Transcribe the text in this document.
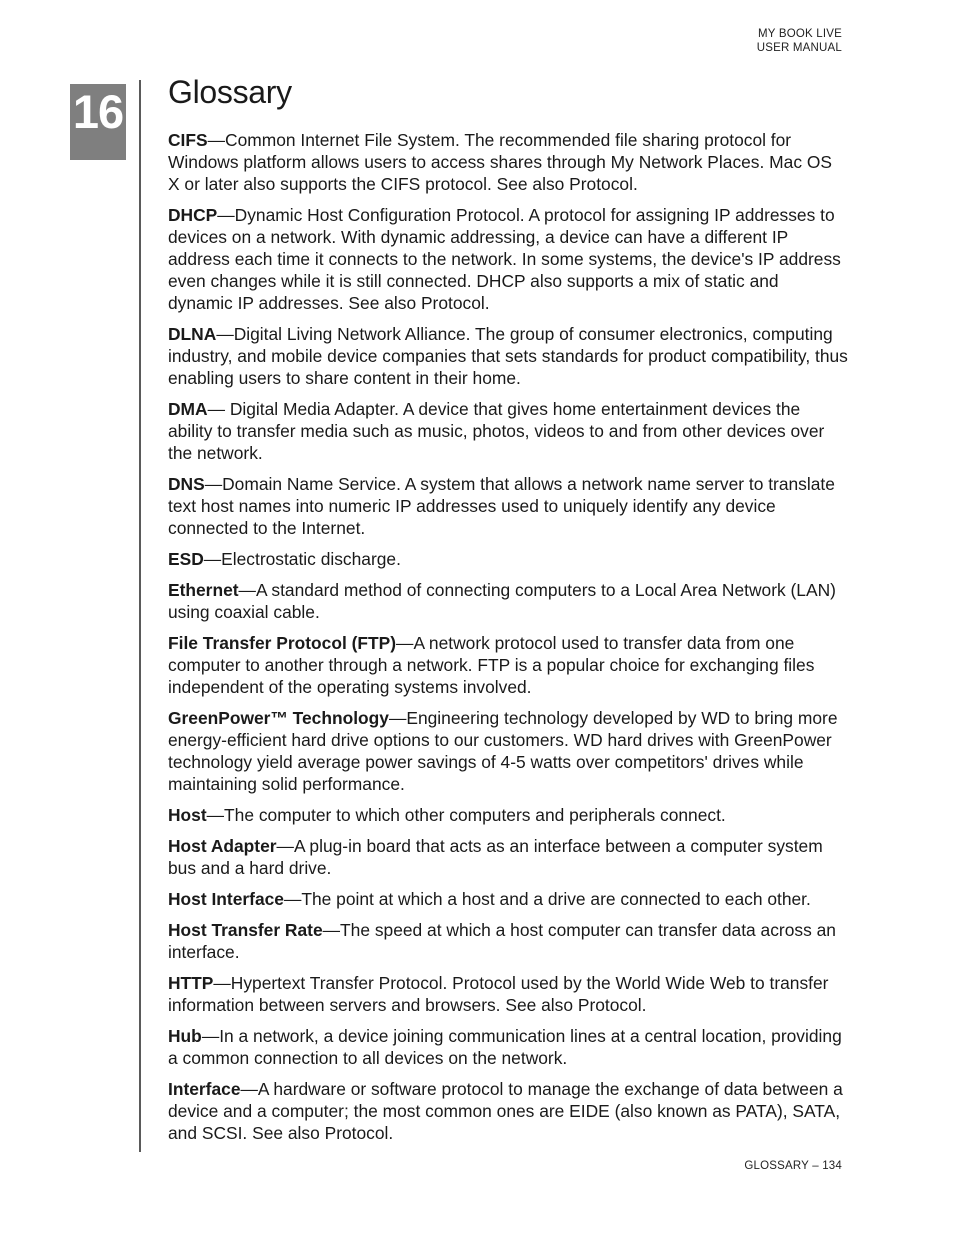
MY BOOK LIVE
USER MANUAL
16 Glossary

CIFS—Common Internet File System. The recommended file sharing protocol for Windows platform allows users to access shares through My Network Places. Mac OS X or later also supports the CIFS protocol. See also Protocol.

DHCP—Dynamic Host Configuration Protocol. A protocol for assigning IP addresses to devices on a network. With dynamic addressing, a device can have a different IP address each time it connects to the network. In some systems, the device's IP address even changes while it is still connected. DHCP also supports a mix of static and dynamic IP addresses. See also Protocol.

DLNA—Digital Living Network Alliance. The group of consumer electronics, computing industry, and mobile device companies that sets standards for product compatibility, thus enabling users to share content in their home.

DMA— Digital Media Adapter. A device that gives home entertainment devices the ability to transfer media such as music, photos, videos to and from other devices over the network.

DNS—Domain Name Service. A system that allows a network name server to translate text host names into numeric IP addresses used to uniquely identify any device connected to the Internet.

ESD—Electrostatic discharge.

Ethernet—A standard method of connecting computers to a Local Area Network (LAN) using coaxial cable.

File Transfer Protocol (FTP)—A network protocol used to transfer data from one computer to another through a network. FTP is a popular choice for exchanging files independent of the operating systems involved.

GreenPower™ Technology—Engineering technology developed by WD to bring more energy-efficient hard drive options to our customers. WD hard drives with GreenPower technology yield average power savings of 4-5 watts over competitors' drives while maintaining solid performance.

Host—The computer to which other computers and peripherals connect.

Host Adapter—A plug-in board that acts as an interface between a computer system bus and a hard drive.

Host Interface—The point at which a host and a drive are connected to each other.

Host Transfer Rate—The speed at which a host computer can transfer data across an interface.

HTTP—Hypertext Transfer Protocol. Protocol used by the World Wide Web to transfer information between servers and browsers. See also Protocol.

Hub—In a network, a device joining communication lines at a central location, providing a common connection to all devices on the network.

Interface—A hardware or software protocol to manage the exchange of data between a device and a computer; the most common ones are EIDE (also known as PATA), SATA, and SCSI. See also Protocol.

GLOSSARY – 134
